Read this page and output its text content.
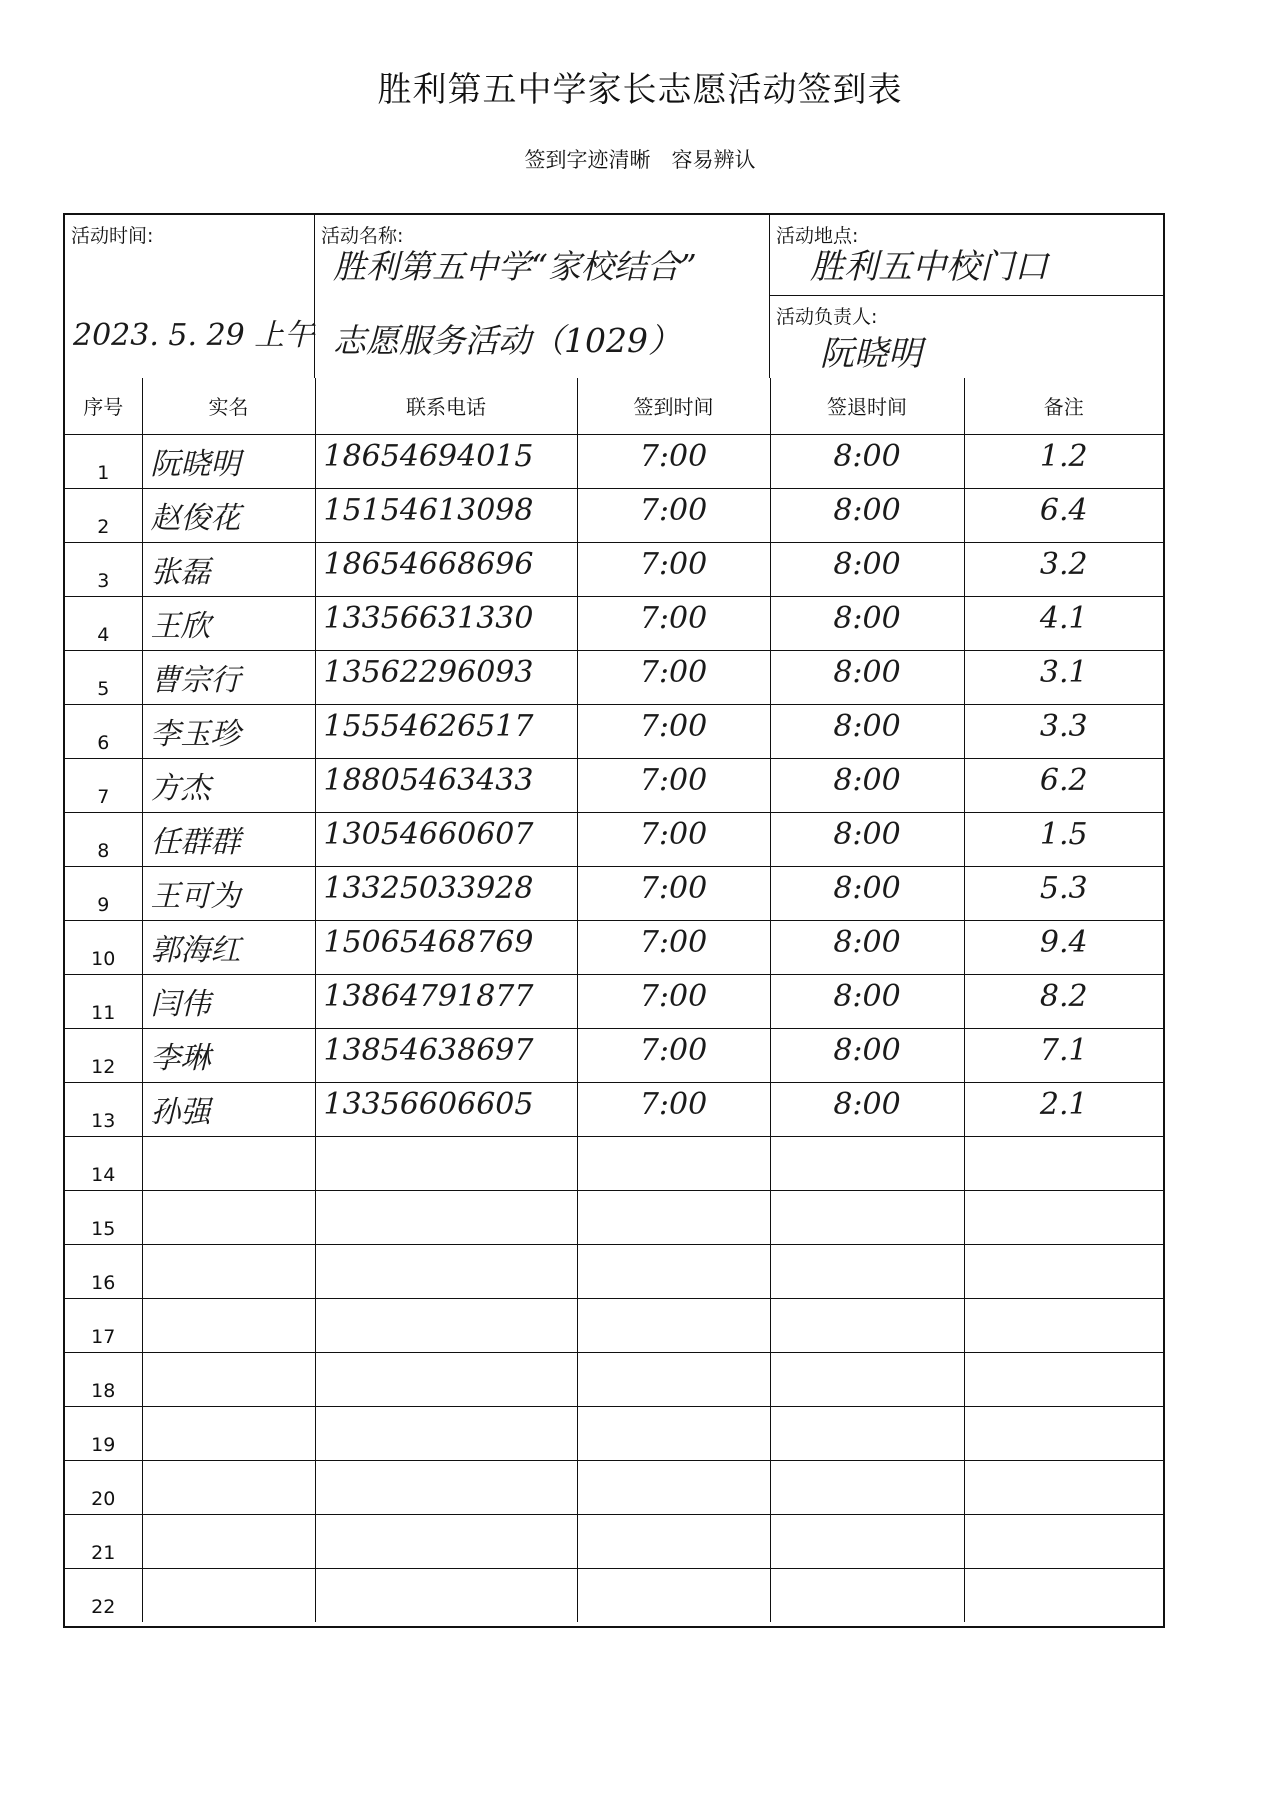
胜利第五中学家长志愿活动签到表
签到字迹清晰　容易辨认
活动时间:
2023. 5. 29 上午
活动名称:
胜利第五中学“家校结合”
志愿服务活动（1029）
活动地点:
胜利五中校门口
活动负责人:
阮晓明
序号	实名	联系电话	签到时间	签退时间	备注

1	阮晓明	18654694015	7:00	8:00	1.2

2	赵俊花	15154613098	7:00	8:00	6.4

3	张磊	18654668696	7:00	8:00	3.2

4	王欣	13356631330	7:00	8:00	4.1

5	曹宗行	13562296093	7:00	8:00	3.1

6	李玉珍	15554626517	7:00	8:00	3.3

7	方杰	18805463433	7:00	8:00	6.2

8	任群群	13054660607	7:00	8:00	1.5

9	王可为	13325033928	7:00	8:00	5.3

10	郭海红	15065468769	7:00	8:00	9.4

11	闫伟	13864791877	7:00	8:00	8.2

12	李琳	13854638697	7:00	8:00	7.1

13	孙强	13356606605	7:00	8:00	2.1

14					

15					

16					

17					

18					

19					

20					

21					

22					
